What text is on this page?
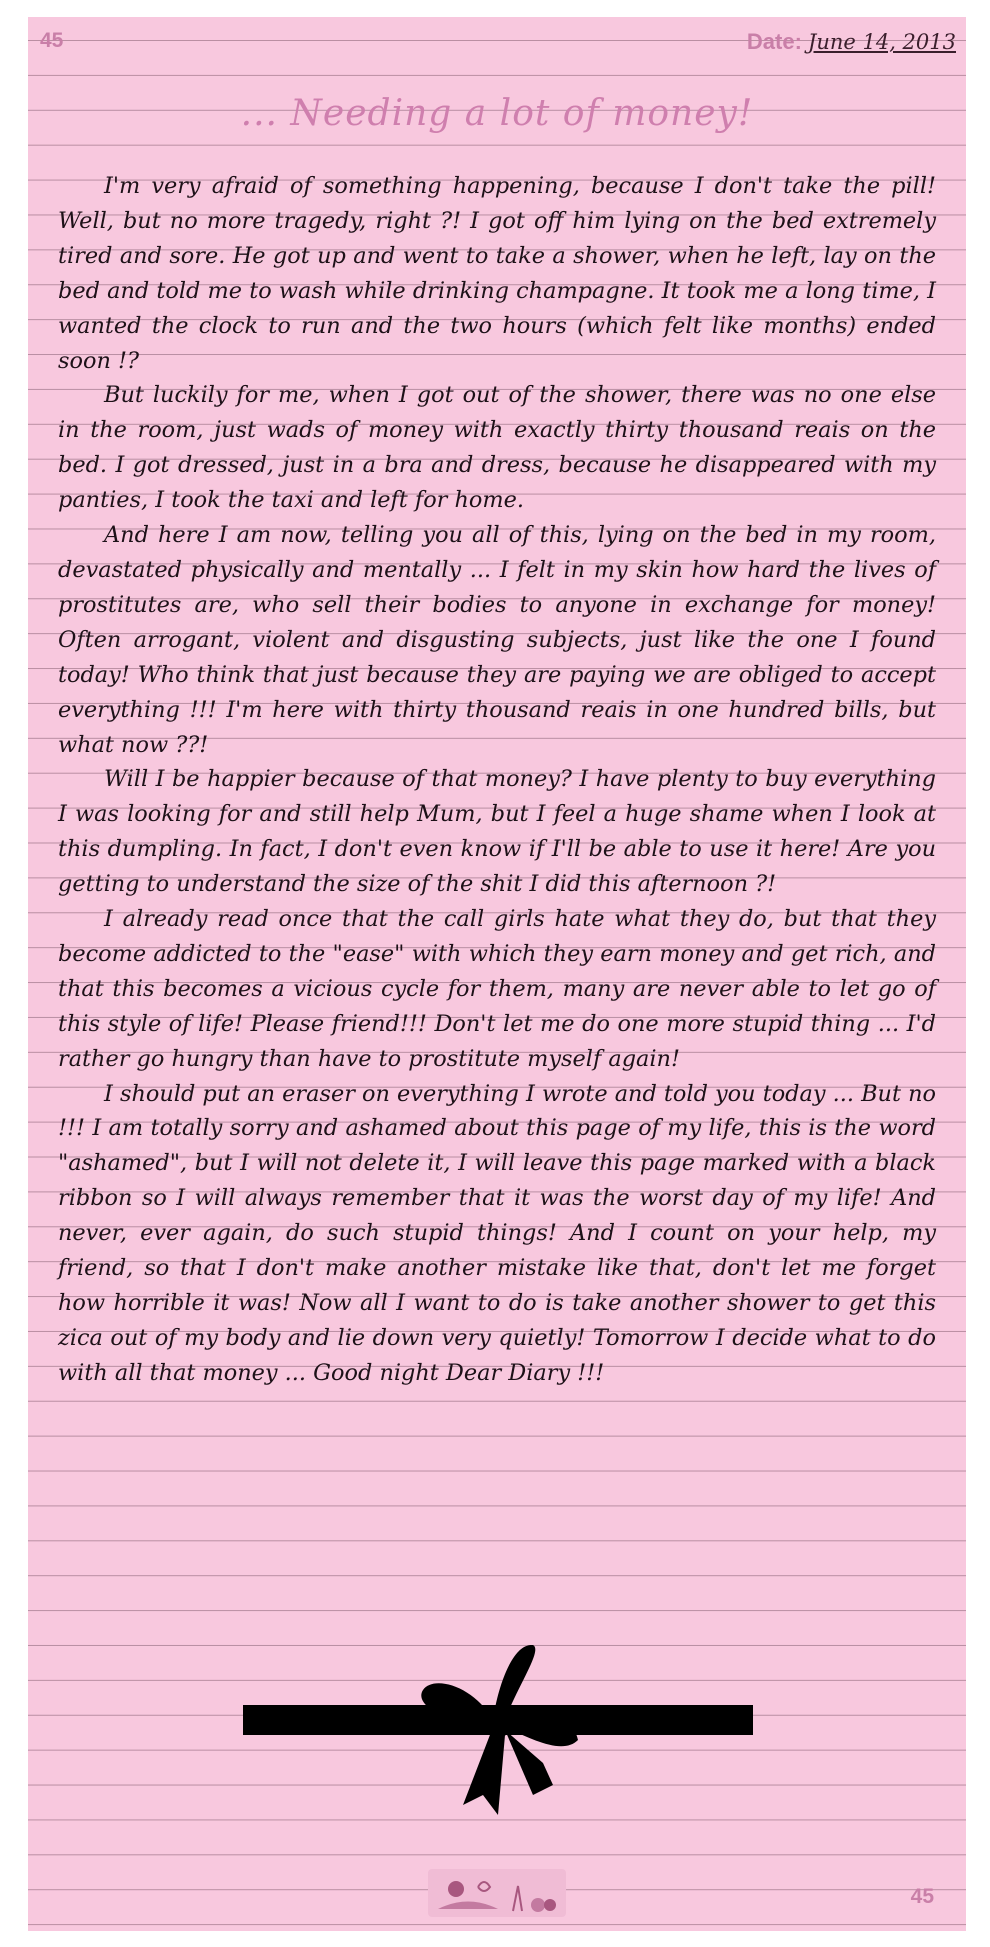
45	Date: June 14, 2013
... Needing a lot of money!

I'm very afraid of something happening, because I don't take the pill! Well, but no more tragedy, right ?! I got off him lying on the bed extremely tired and sore. He got up and went to take a shower, when he left, lay on the bed and told me to wash while drinking champagne. It took me a long time, I wanted the clock to run and the two hours (which felt like months) ended soon !?

But luckily for me, when I got out of the shower, there was no one else in the room, just wads of money with exactly thirty thousand reais on the bed. I got dressed, just in a bra and dress, because he disappeared with my panties, I took the taxi and left for home.

And here I am now, telling you all of this, lying on the bed in my room, devastated physically and mentally ... I felt in my skin how hard the lives of prostitutes are, who sell their bodies to anyone in exchange for money! Often arrogant, violent and disgusting subjects, just like the one I found today! Who think that just because they are paying we are obliged to accept everything !!! I'm here with thirty thousand reais in one hundred bills, but what now ??!

Will I be happier because of that money? I have plenty to buy everything I was looking for and still help Mum, but I feel a huge shame when I look at this dumpling. In fact, I don't even know if I'll be able to use it here! Are you getting to understand the size of the shit I did this afternoon ?!

I already read once that the call girls hate what they do, but that they become addicted to the "ease" with which they earn money and get rich, and that this becomes a vicious cycle for them, many are never able to let go of this style of life! Please friend!!! Don't let me do one more stupid thing ... I'd rather go hungry than have to prostitute myself again!

I should put an eraser on everything I wrote and told you today ... But no !!! I am totally sorry and ashamed about this page of my life, this is the word "ashamed", but I will not delete it, I will leave this page marked with a black ribbon so I will always remember that it was the worst day of my life! And never, ever again, do such stupid things! And I count on your help, my friend, so that I don't make another mistake like that, don't let me forget how horrible it was! Now all I want to do is take another shower to get this zica out of my body and lie down very quietly! Tomorrow I decide what to do with all that money ... Good night Dear Diary !!!

45
